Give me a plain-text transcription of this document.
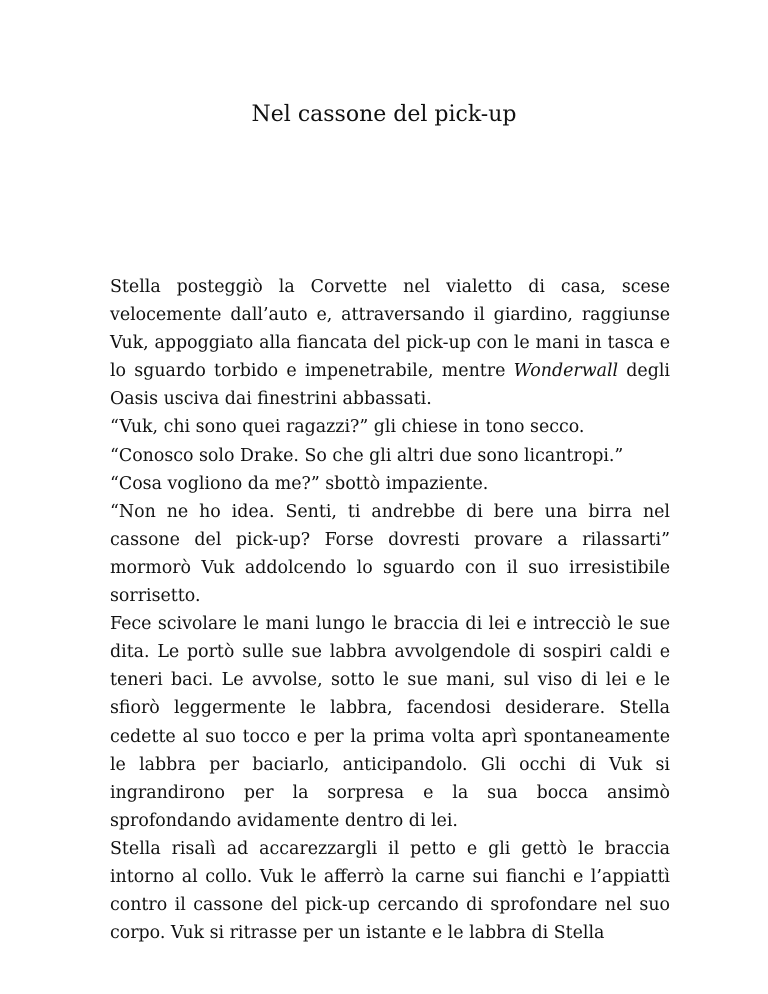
Nel cassone del pick-up

Stella posteggiò la Corvette nel vialetto di casa, scese velocemente dall’auto e, attraversando il giardino, raggiunse Vuk, appoggiato alla fiancata del pick-up con le mani in tasca e lo sguardo torbido e impenetrabile, mentre Wonderwall degli Oasis usciva dai finestrini abbassati.

“Vuk, chi sono quei ragazzi?” gli chiese in tono secco.

“Conosco solo Drake. So che gli altri due sono licantropi.”

“Cosa vogliono da me?” sbottò impaziente.

“Non ne ho idea. Senti, ti andrebbe di bere una birra nel cassone del pick-up? Forse dovresti provare a rilassarti” mormorò Vuk addolcendo lo sguardo con il suo irresistibile sorrisetto.

Fece scivolare le mani lungo le braccia di lei e intrecciò le sue dita. Le portò sulle sue labbra avvolgendole di sospiri caldi e teneri baci. Le avvolse, sotto le sue mani, sul viso di lei e le sfiorò leggermente le labbra, facendosi desiderare. Stella cedette al suo tocco e per la prima volta aprì spontaneamente le labbra per baciarlo, anticipandolo. Gli occhi di Vuk si ingrandirono per la sorpresa e la sua bocca ansimò sprofondando avidamente dentro di lei.

Stella risalì ad accarezzargli il petto e gli gettò le braccia intorno al collo. Vuk le afferrò la carne sui fianchi e l’appiattì contro il cassone del pick-up cercando di sprofondare nel suo corpo. Vuk si ritrasse per un istante e le labbra di Stella
